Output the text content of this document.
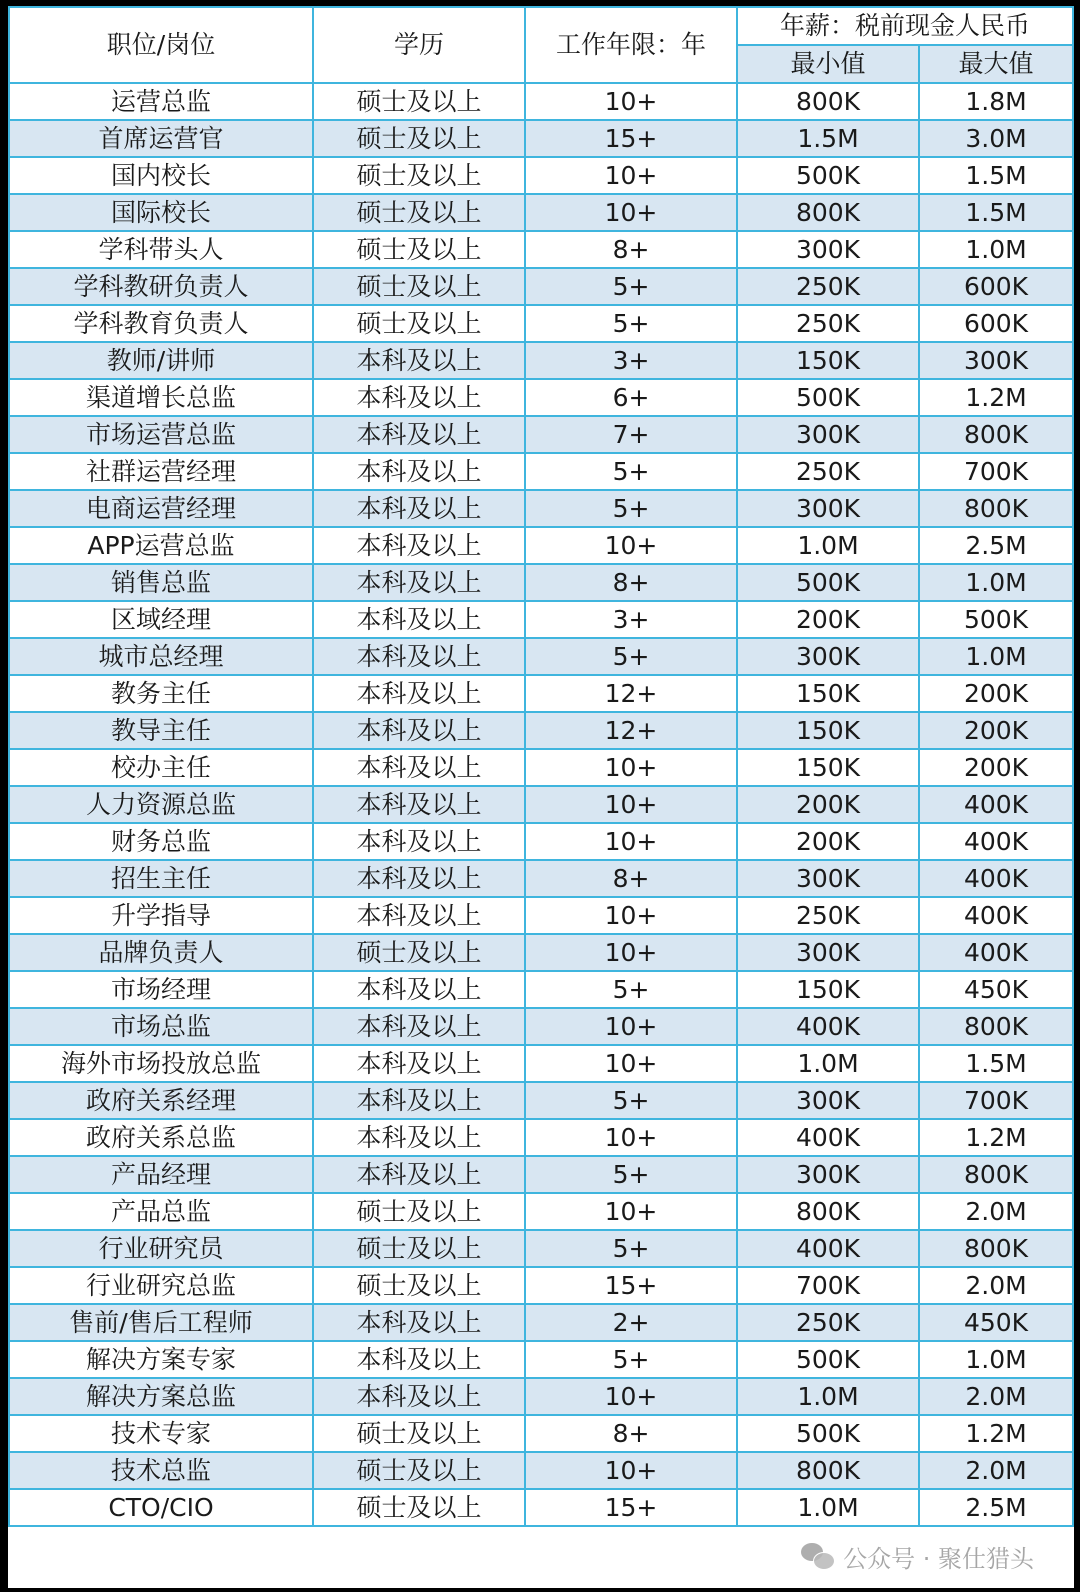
职位/岗位	学历	工作年限：年	年薪：税前现金人民币	
			最小值	最大值
运营总监	硕士及以上	10+	800K	1.8M
首席运营官	硕士及以上	15+	1.5M	3.0M
国内校长	硕士及以上	10+	500K	1.5M
国际校长	硕士及以上	10+	800K	1.5M
学科带头人	硕士及以上	8+	300K	1.0M
学科教研负责人	硕士及以上	5+	250K	600K
学科教育负责人	硕士及以上	5+	250K	600K
教师/讲师	本科及以上	3+	150K	300K
渠道增长总监	本科及以上	6+	500K	1.2M
市场运营总监	本科及以上	7+	300K	800K
社群运营经理	本科及以上	5+	250K	700K
电商运营经理	本科及以上	5+	300K	800K
APP运营总监	本科及以上	10+	1.0M	2.5M
销售总监	本科及以上	8+	500K	1.0M
区域经理	本科及以上	3+	200K	500K
城市总经理	本科及以上	5+	300K	1.0M
教务主任	本科及以上	12+	150K	200K
教导主任	本科及以上	12+	150K	200K
校办主任	本科及以上	10+	150K	200K
人力资源总监	本科及以上	10+	200K	400K
财务总监	本科及以上	10+	200K	400K
招生主任	本科及以上	8+	300K	400K
升学指导	本科及以上	10+	250K	400K
品牌负责人	硕士及以上	10+	300K	400K
市场经理	本科及以上	5+	150K	450K
市场总监	本科及以上	10+	400K	800K
海外市场投放总监	本科及以上	10+	1.0M	1.5M
政府关系经理	本科及以上	5+	300K	700K
政府关系总监	本科及以上	10+	400K	1.2M
产品经理	本科及以上	5+	300K	800K
产品总监	硕士及以上	10+	800K	2.0M
行业研究员	硕士及以上	5+	400K	800K
行业研究总监	硕士及以上	15+	700K	2.0M
售前/售后工程师	本科及以上	2+	250K	450K
解决方案专家	本科及以上	5+	500K	1.0M
解决方案总监	本科及以上	10+	1.0M	2.0M
技术专家	硕士及以上	8+	500K	1.2M
技术总监	硕士及以上	10+	800K	2.0M
CTO/CIO	硕士及以上	15+	1.0M	2.5M
公众号 · 聚仕猎头
